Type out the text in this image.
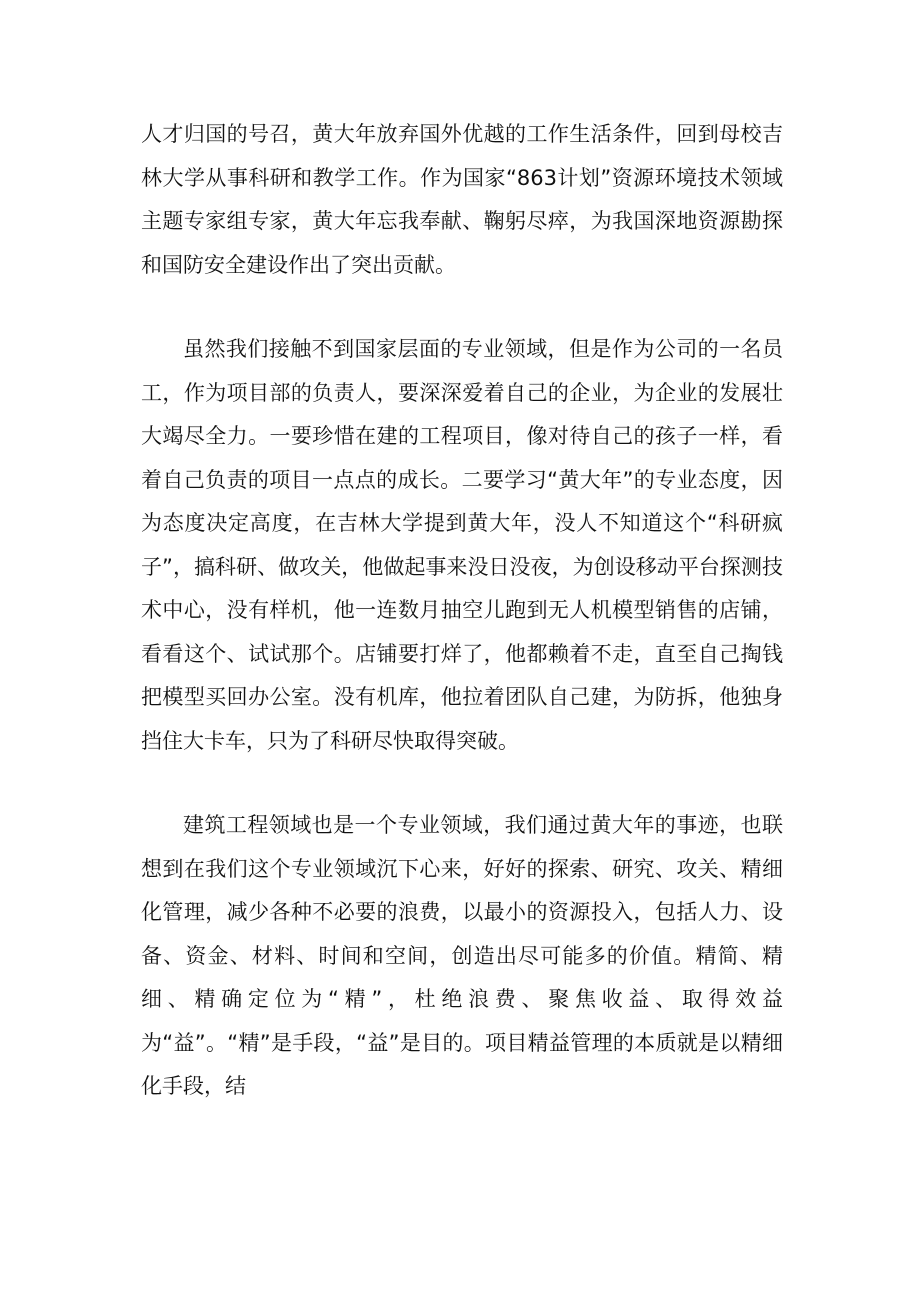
人才归国的号召，黄大年放弃国外优越的工作生活条件，回到母校吉林大学从事科研和教学工作。作为国家“863计划”资源环境技术领域主题专家组专家，黄大年忘我奉献、鞠躬尽瘁，为我国深地资源勘探和国防安全建设作出了突出贡献。

虽然我们接触不到国家层面的专业领域，但是作为公司的一名员工，作为项目部的负责人，要深深爱着自己的企业，为企业的发展壮大竭尽全力。一要珍惜在建的工程项目，像对待自己的孩子一样，看着自己负责的项目一点点的成长。二要学习“黄大年”的专业态度，因为态度决定高度，在吉林大学提到黄大年，没人不知道这个“科研疯子”，搞科研、做攻关，他做起事来没日没夜，为创设移动平台探测技术中心，没有样机，他一连数月抽空儿跑到无人机模型销售的店铺，看看这个、试试那个。店铺要打烊了，他都赖着不走，直至自己掏钱把模型买回办公室。没有机库，他拉着团队自己建，为防拆，他独身挡住大卡车，只为了科研尽快取得突破。

建筑工程领域也是一个专业领域，我们通过黄大年的事迹，也联想到在我们这个专业领域沉下心来，好好的探索、研究、攻关、精细化管理，减少各种不必要的浪费，以最小的资源投入，包括人力、设备、资金、材料、时间和空间，创造出尽可能多的价值。精简、精细、精确定位为“精”，杜绝浪费、聚焦收益、取得效益为“益”。“精”是手段，“益”是目的。项目精益管理的本质就是以精细化手段，结
